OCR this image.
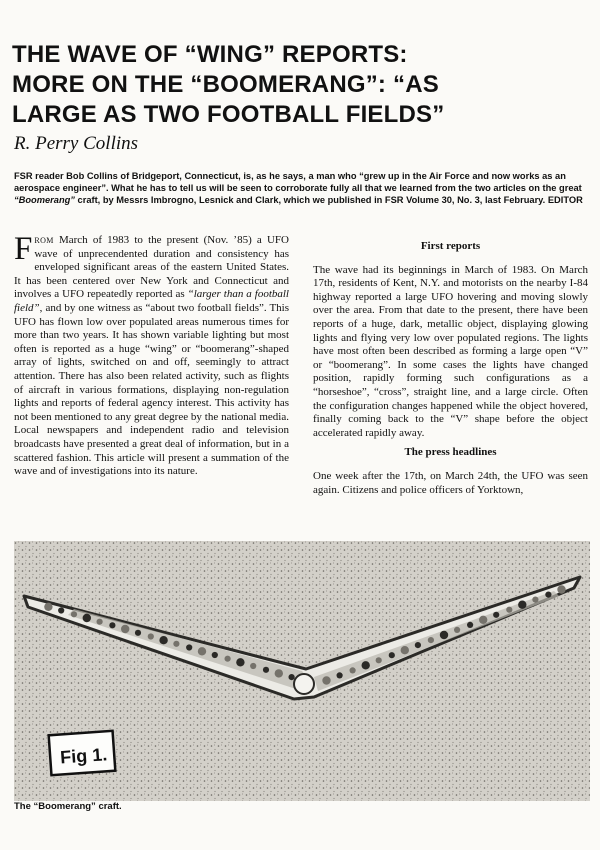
THE WAVE OF “WING” REPORTS:
MORE ON THE “BOOMERANG”: “AS
LARGE AS TWO FOOTBALL FIELDS”

R. Perry Collins

FSR reader Bob Collins of Bridgeport, Connecticut, is, as he says, a man who “grew up in the Air Force and now works as an aerospace engineer”. What he has to tell us will be seen to corroborate fully all that we learned from the two articles on the great “Boomerang” craft, by Messrs Imbrogno, Lesnick and Clark, which we published in FSR Volume 30, No. 3, last February. EDITOR

FROM March of 1983 to the present (Nov. ’85) a UFO wave of unprecendented duration and consistency has enveloped significant areas of the eastern United States. It has been centered over New York and Connecticut and involves a UFO repeatedly reported as “larger than a football field”, and by one witness as “about two football fields”. This UFO has flown low over populated areas numerous times for more than two years. It has shown variable lighting but most often is reported as a huge “wing” or “boomerang”-shaped array of lights, switched on and off, seemingly to attract attention. There has also been related activity, such as flights of aircraft in various formations, displaying non-regulation lights and reports of federal agency interest. This activity has not been mentioned to any great degree by the national media. Local newspapers and independent radio and television broadcasts have presented a great deal of information, but in a scattered fashion. This article will present a summation of the wave and of investigations into its nature.

First reports

The wave had its beginnings in March of 1983. On March 17th, residents of Kent, N.Y. and motorists on the nearby I-84 highway reported a large UFO hovering and moving slowly over the area. From that date to the present, there have been reports of a huge, dark, metallic object, displaying glowing lights and flying very low over populated regions. The lights have most often been described as forming a large open “V” or “boomerang”. In some cases the lights have changed position, rapidly forming such configurations as a “horseshoe”, “cross”, straight line, and a large circle. Often the configuration changes happened while the object hovered, finally coming back to the “V” shape before the object accelerated rapidly away.

The press headlines

One week after the 17th, on March 24th, the UFO was seen again. Citizens and police officers of Yorktown,

Fig 1.

The “Boomerang” craft.
